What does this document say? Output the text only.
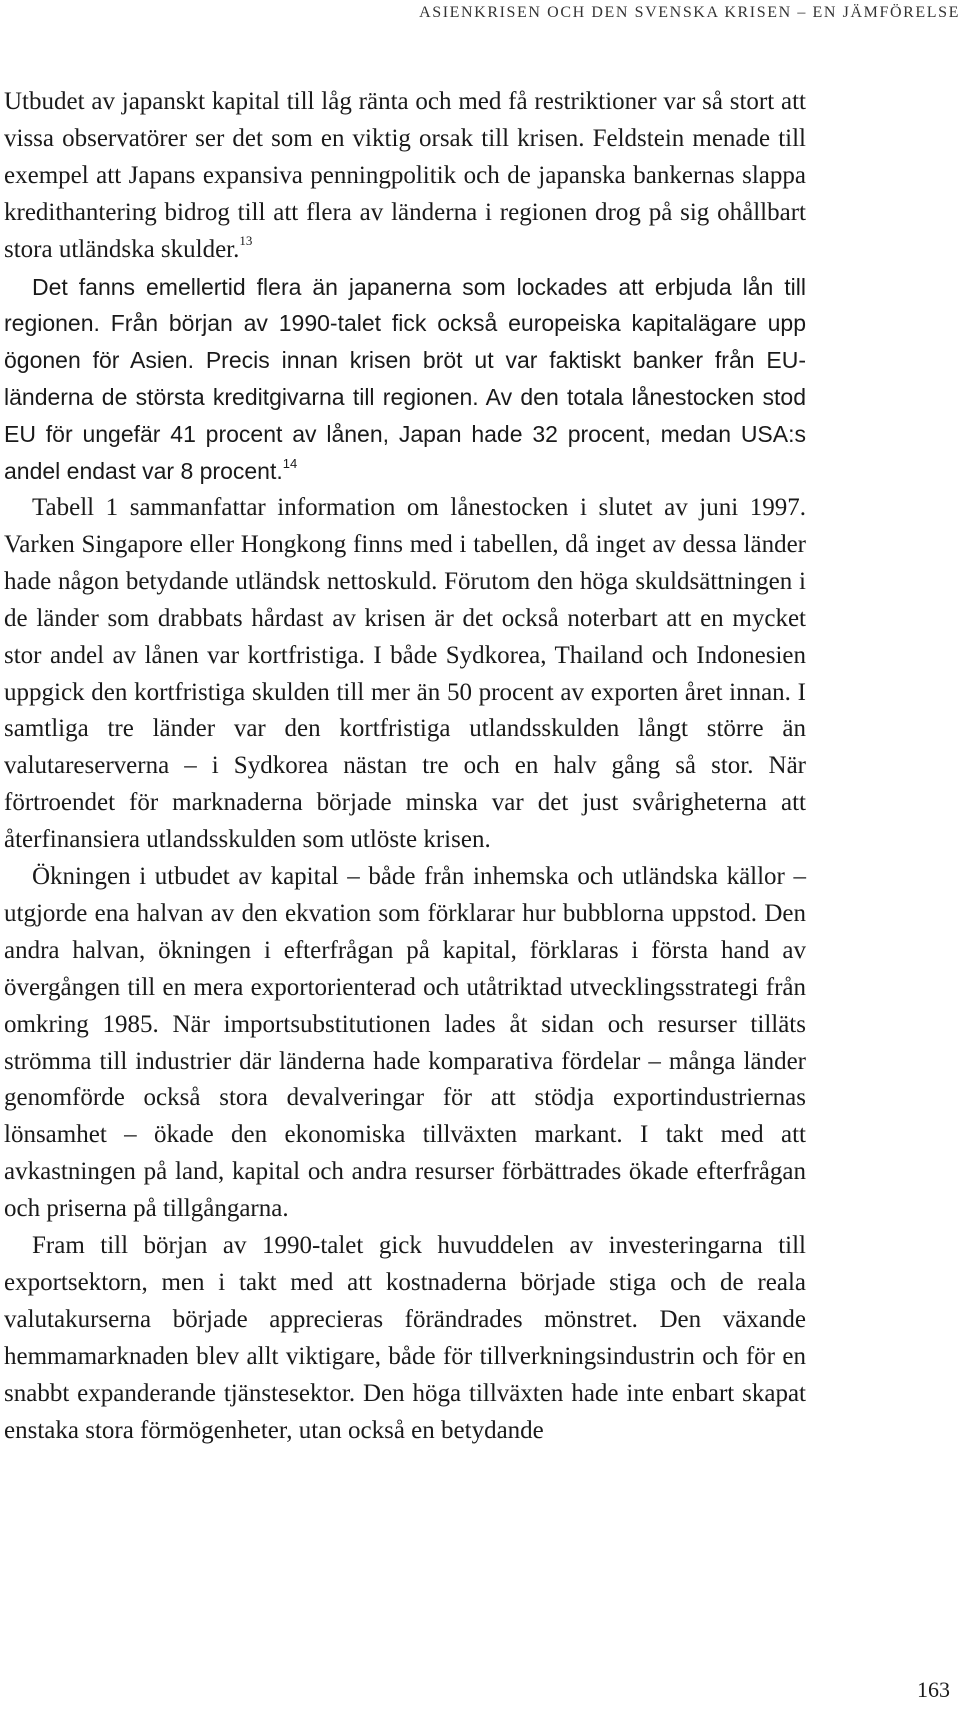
ASIENKRISEN OCH DEN SVENSKA KRISEN – EN JÄMFÖRELSE

Utbudet av japanskt kapital till låg ränta och med få restriktioner var så stort att vissa observatörer ser det som en viktig orsak till krisen. Feldstein menade till exempel att Japans expansiva penningpolitik och de japanska bankernas slappa kredithantering bidrog till att flera av länderna i regionen drog på sig ohållbart stora utländska skulder.$^{13}$

Det fanns emellertid flera än japanerna som lockades att erbjuda lån till regionen. Från början av 1990-talet fick också europeiska kapitalägare upp ögonen för Asien. Precis innan krisen bröt ut var faktiskt banker från EU-länderna de största kreditgivarna till regionen. Av den totala lånestocken stod EU för ungefär 41 procent av lånen, Japan hade 32 procent, medan USA:s andel endast var 8 procent.$^{14}$

Tabell 1 sammanfattar information om lånestocken i slutet av juni 1997. Varken Singapore eller Hongkong finns med i tabellen, då inget av dessa länder hade någon betydande utländsk nettoskuld. Förutom den höga skuldsättningen i de länder som drabbats hårdast av krisen är det också noterbart att en mycket stor andel av lånen var kortfristiga. I både Sydkorea, Thailand och Indonesien uppgick den kortfristiga skulden till mer än 50 procent av exporten året innan. I samtliga tre länder var den kortfristiga utlandsskulden långt större än valutareserverna – i Sydkorea nästan tre och en halv gång så stor. När förtroendet för marknaderna började minska var det just svårigheterna att återfinansiera utlandsskulden som utlöste krisen.

Ökningen i utbudet av kapital – både från inhemska och utländska källor – utgjorde ena halvan av den ekvation som förklarar hur bubblorna uppstod. Den andra halvan, ökningen i efterfrågan på kapital, förklaras i första hand av övergången till en mera exportorienterad och utåtriktad utvecklingsstrategi från omkring 1985. När importsubstitutionen lades åt sidan och resurser tilläts strömma till industrier där länderna hade komparativa fördelar – många länder genomförde också stora devalveringar för att stödja exportindustriernas lönsamhet – ökade den ekonomiska tillväxten markant. I takt med att avkastningen på land, kapital och andra resurser förbättrades ökade efterfrågan och priserna på tillgångarna.

Fram till början av 1990-talet gick huvuddelen av investeringarna till exportsektorn, men i takt med att kostnaderna började stiga och de reala valutakurserna började apprecieras förändrades mönstret. Den växande hemmamarknaden blev allt viktigare, både för tillverkningsindustrin och för en snabbt expanderande tjänstesektor. Den höga tillväxten hade inte enbart skapat enstaka stora förmögenheter, utan också en betydande

163
